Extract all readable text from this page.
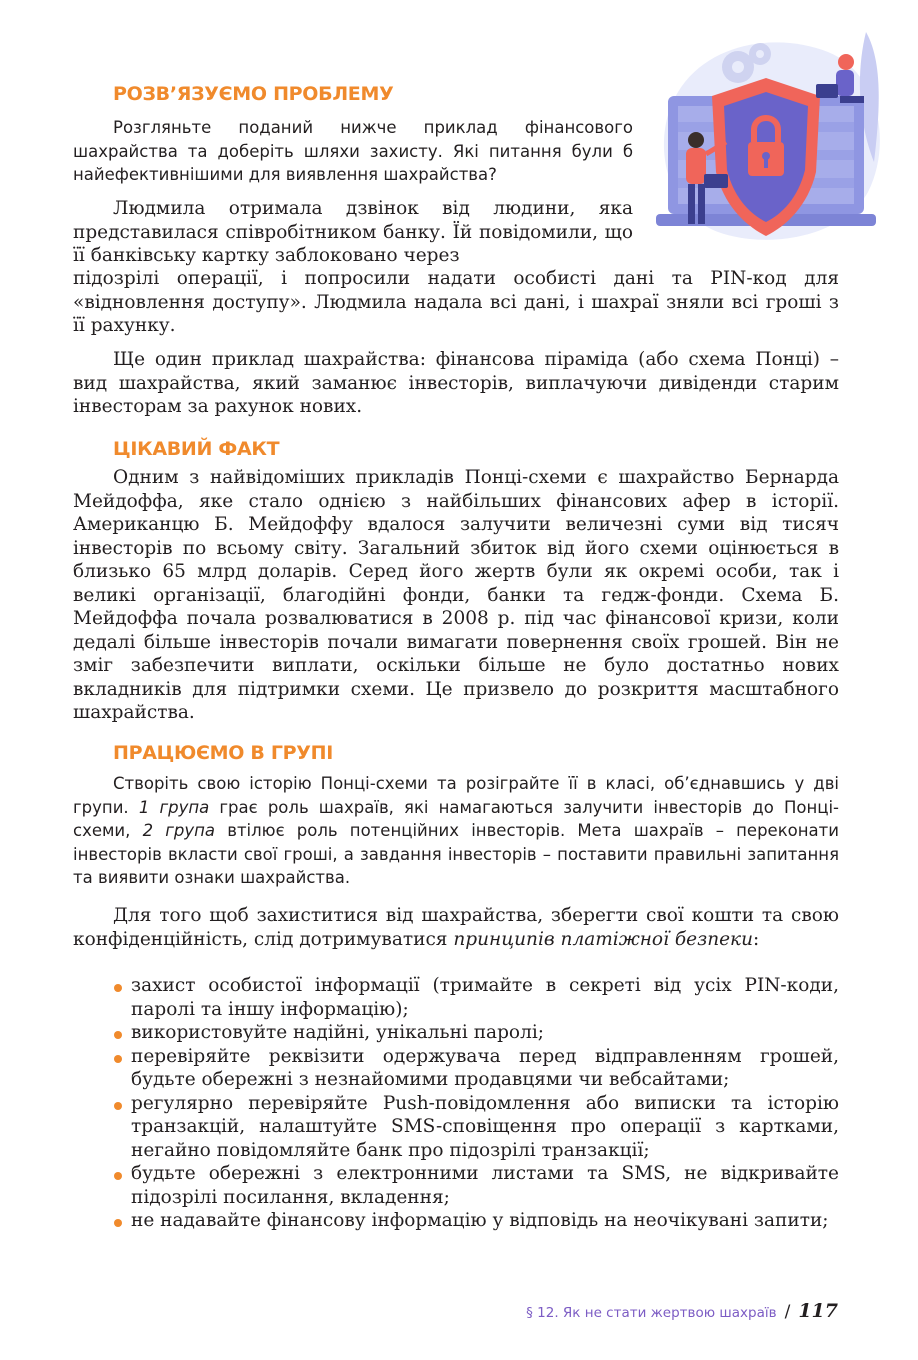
РОЗВ’ЯЗУЄМО ПРОБЛЕМУ
Розгляньте поданий нижче приклад фінансового шахрайства та доберіть шляхи захисту. Які питання були б найефективнішими для виявлення шахрайства?
Людмила отримала дзвінок від людини, яка представилася співробітником банку. Їй повідомили, що її банківську картку заблоковано через
підозрілі операції, і попросили надати особисті дані та PIN-код для «відновлення доступу». Людмила надала всі дані, і шахраї зняли всі гроші з її рахунку.
Ще один приклад шахрайства: фінансова піраміда (або схема Понці) – вид шахрайства, який заманює інвесторів, виплачуючи дивіденди старим інвесторам за рахунок нових.
ЦІКАВИЙ ФАКТ
Одним з найвідоміших прикладів Понці-схеми є шахрайство Бернарда Мейдоффа, яке стало однією з найбільших фінансових афер в історії. Американцю Б. Мейдоффу вдалося залучити величезні суми від тисяч інвесторів по всьому світу. Загальний збиток від його схеми оцінюється в близько 65 млрд доларів. Серед його жертв були як окремі особи, так і великі організації, благодійні фонди, банки та гедж-фонди. Схема Б. Мейдоффа почала розвалюватися в 2008 р. під час фінансової кризи, коли дедалі більше інвесторів почали вимагати повернення своїх грошей. Він не зміг забезпечити виплати, оскільки більше не було достатньо нових вкладників для підтримки схеми. Це призвело до розкриття масштабного шахрайства.
ПРАЦЮЄМО В ГРУПІ
Створіть свою історію Понці-схеми та розіграйте її в класі, об’єднавшись у дві групи. 1 група грає роль шахраїв, які намагаються залучити інвесторів до Понці-схеми, 2 група втілює роль потенційних інвесторів. Мета шахраїв – переконати інвесторів вкласти свої гроші, а завдання інвесторів – поставити правильні запитання та виявити ознаки шахрайства.
Для того щоб захиститися від шахрайства, зберегти свої кошти та свою конфіденційність, слід дотримуватися принципів платіжної безпеки:
захист особистої інформації (тримайте в секреті від усіх PIN-коди, паролі та іншу інформацію);
використовуйте надійні, унікальні паролі;
перевіряйте реквізити одержувача перед відправленням грошей, будьте обережні з незнайомими продавцями чи вебсайтами;
регулярно перевіряйте Push-повідомлення або виписки та історію транзакцій, налаштуйте SMS-сповіщення про операції з картками, негайно повідомляйте банк про підозрілі транзакції;
будьте обережні з електронними листами та SMS, не відкривайте підозрілі посилання, вкладення;
не надавайте фінансову інформацію у відповідь на неочікувані запити;
§ 12. Як не стати жертвою шахраїв / 117
